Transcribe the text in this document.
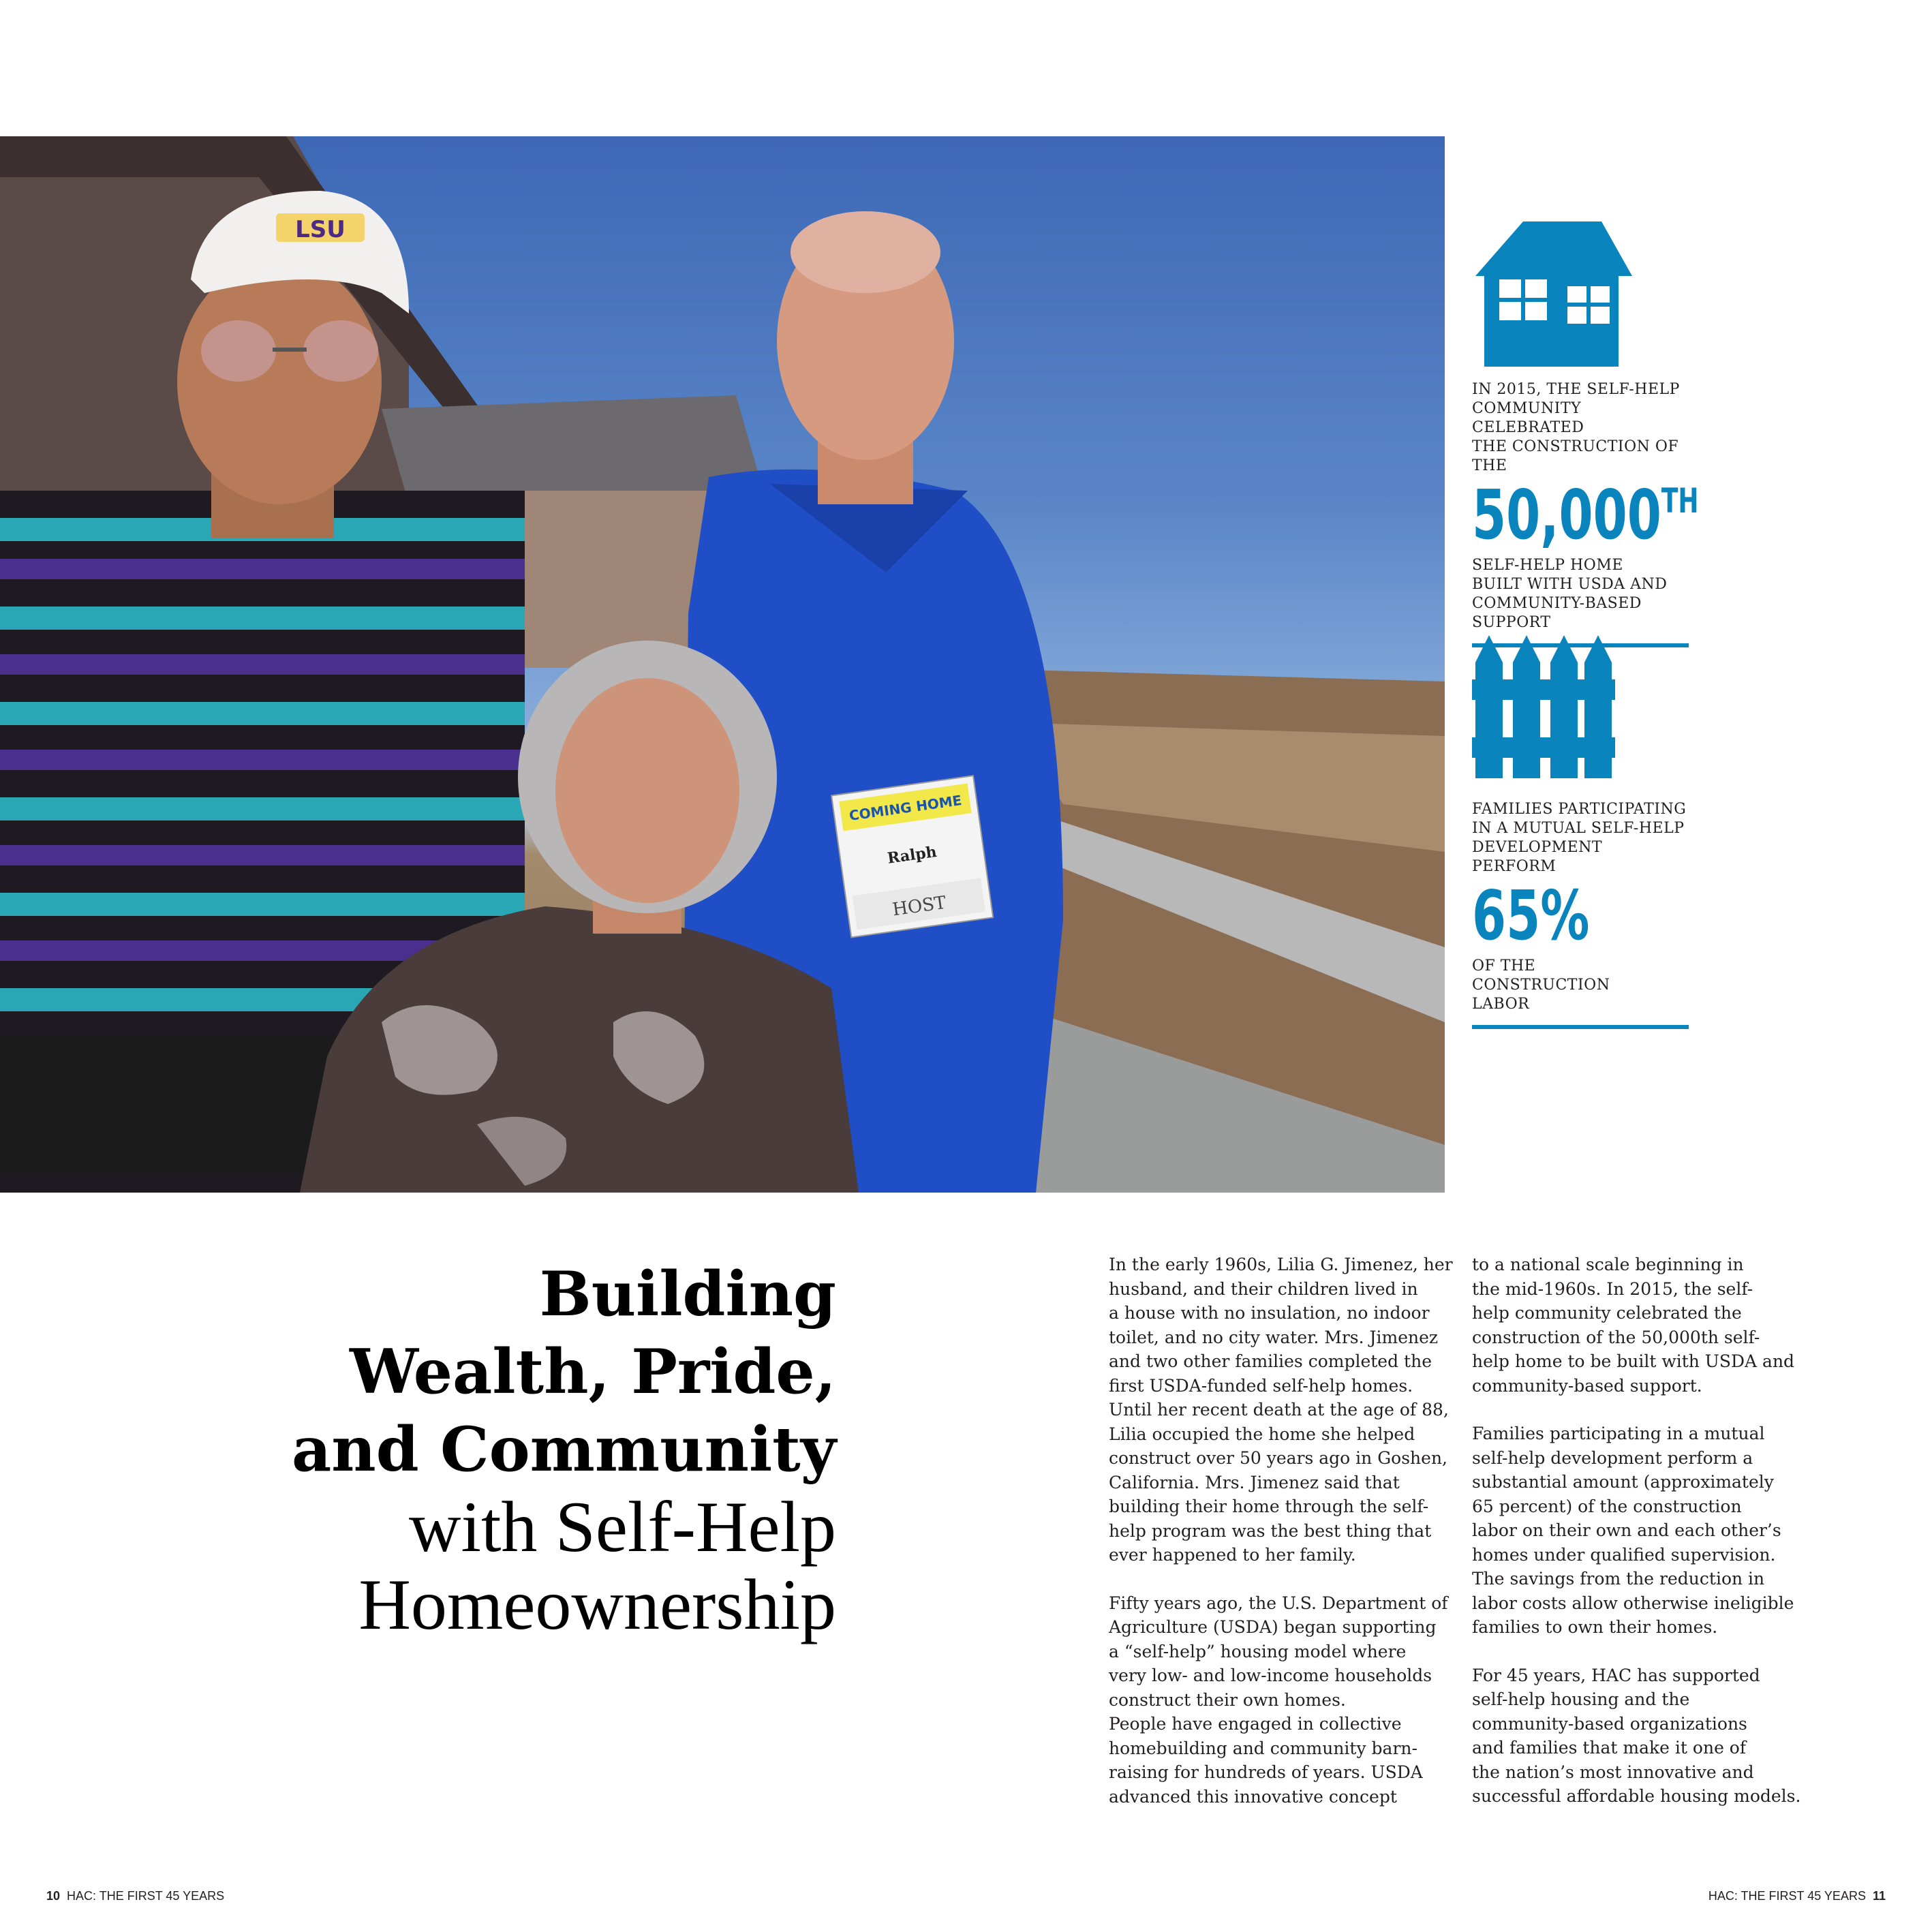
LSU
COMING HOME
Ralph
HOST
IN 2015, THE SELF-HELP
COMMUNITY CELEBRATED
THE CONSTRUCTION OF THE
50,000TH
SELF-HELP HOME
BUILT WITH USDA AND
COMMUNITY-BASED
SUPPORT
FAMILIES PARTICIPATING
IN A MUTUAL SELF-HELP
DEVELOPMENT PERFORM
65%
OF THE
CONSTRUCTION
LABOR
Building
Wealth, Pride,
and Community
with Self-Help
Homeownership

In the early 1960s, Lilia G. Jimenez, her
husband, and their children lived in
a house with no insulation, no indoor
toilet, and no city water. Mrs. Jimenez
and two other families completed the
first USDA-funded self-help homes.
Until her recent death at the age of 88,
Lilia occupied the home she helped
construct over 50 years ago in Goshen,
California. Mrs. Jimenez said that
building their home through the self-
help program was the best thing that
ever happened to her family.

Fifty years ago, the U.S. Department of
Agriculture (USDA) began supporting
a “self-help” housing model where
very low- and low-income households
construct their own homes.
People have engaged in collective
homebuilding and community barn-
raising for hundreds of years. USDA
advanced this innovative concept

to a national scale beginning in
the mid-1960s. In 2015, the self-
help community celebrated the
construction of the 50,000th self-
help home to be built with USDA and
community-based support.

Families participating in a mutual
self-help development perform a
substantial amount (approximately
65 percent) of the construction
labor on their own and each other’s
homes under qualified supervision.
The savings from the reduction in
labor costs allow otherwise ineligible
families to own their homes.

For 45 years, HAC has supported
self-help housing and the
community-based organizations
and families that make it one of
the nation’s most innovative and
successful affordable housing models.

10 HAC: THE FIRST 45 YEARS	HAC: THE FIRST 45 YEARS 11
